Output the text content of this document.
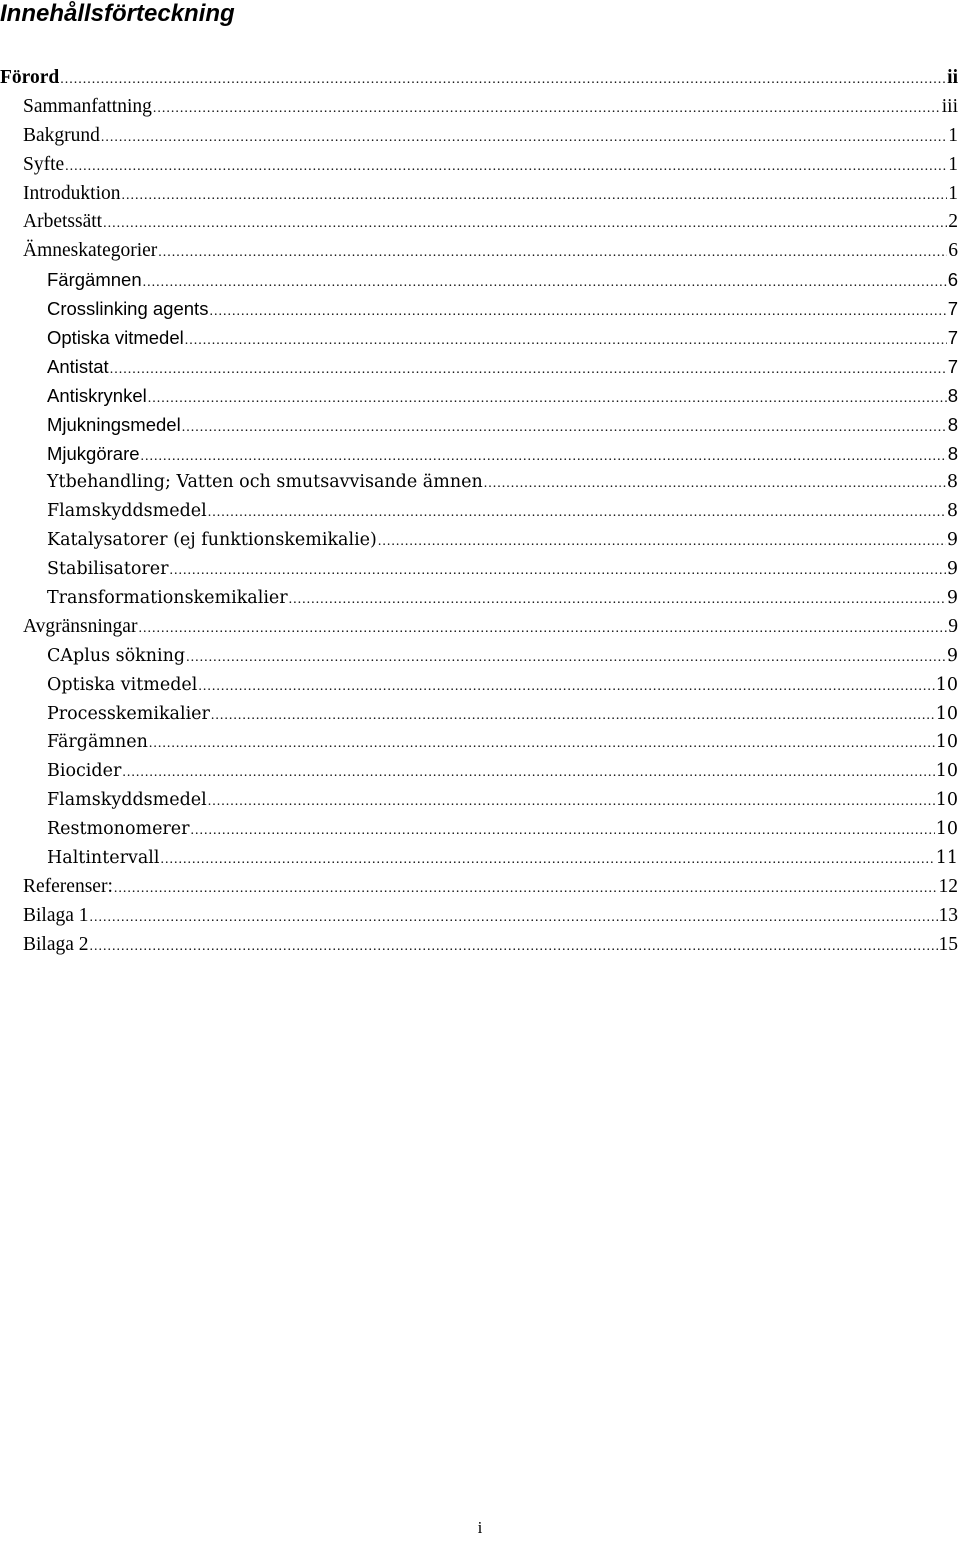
Innehållsförteckning
Förord .....	ii
Sammanfattning .....	iii
Bakgrund .....	1
Syfte .....	1
Introduktion .....	1
Arbetssätt .....	2
Ämneskategorier .....	6
Färgämnen .....	6
Crosslinking agents .....	7
Optiska vitmedel .....	7
Antistat .....	7
Antiskrynkel .....	8
Mjukningsmedel .....	8
Mjukgörare .....	8
Ytbehandling; Vatten och smutsavvisande ämnen .....	8
Flamskyddsmedel .....	8
Katalysatorer (ej funktionskemikalie) .....	9
Stabilisatorer .....	9
Transformationskemikalier .....	9
Avgränsningar .....	9
CAplus sökning .....	9
Optiska vitmedel .....	10
Processkemikalier .....	10
Färgämnen .....	10
Biocider .....	10
Flamskyddsmedel .....	10
Restmonomerer .....	10
Haltintervall .....	11
Referenser: .....	12
Bilaga 1 .....	13
Bilaga 2 .....	15
i
